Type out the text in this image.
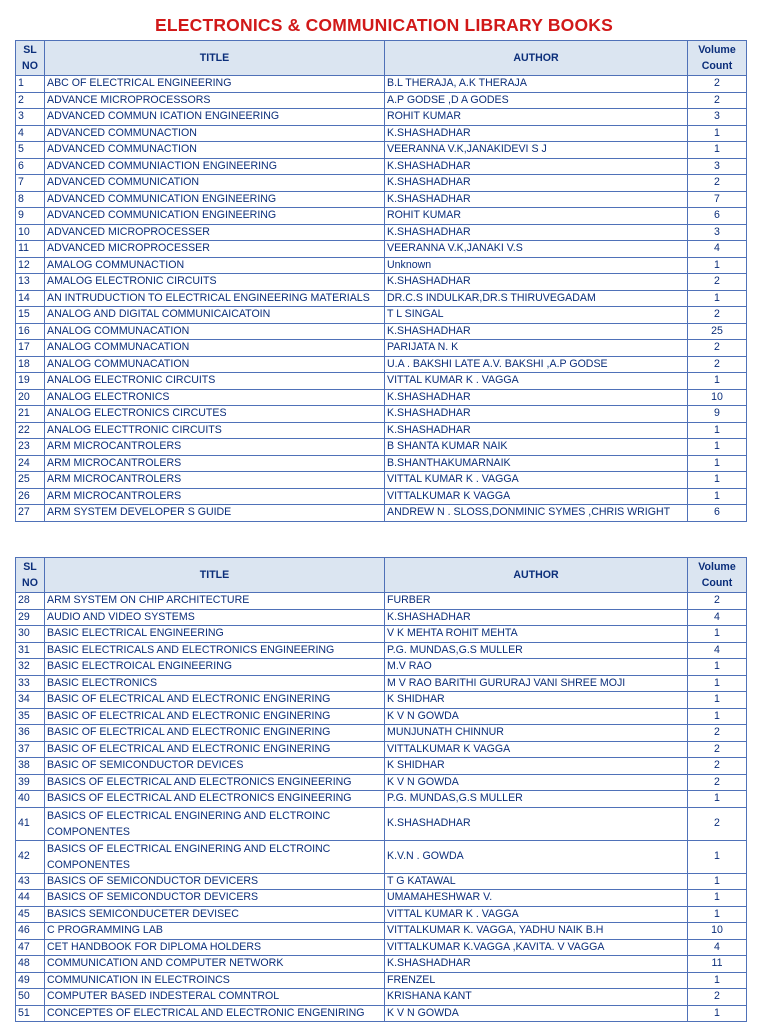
ELECTRONICS & COMMUNICATION LIBRARY BOOKS
SL NO	TITLE	AUTHOR	Volume Count
1	ABC OF ELECTRICAL ENGINEERING	B.L THERAJA, A.K THERAJA	2
2	ADVANCE MICROPROCESSORS	A.P GODSE ,D A GODES	2
3	ADVANCED COMMUN ICATION ENGINEERING	ROHIT KUMAR	3
4	ADVANCED COMMUNACTION	K.SHASHADHAR	1
5	ADVANCED COMMUNACTION	VEERANNA V.K,JANAKIDEVI S J	1
6	ADVANCED COMMUNIACTION ENGINEERING	K.SHASHADHAR	3
7	ADVANCED COMMUNICATION	K.SHASHADHAR	2
8	ADVANCED COMMUNICATION ENGINEERING	K.SHASHADHAR	7
9	ADVANCED COMMUNICATION ENGINEERING	ROHIT KUMAR	6
10	ADVANCED MICROPROCESSER	K.SHASHADHAR	3
11	ADVANCED MICROPROCESSER	VEERANNA V.K,JANAKI V.S	4
12	AMALOG COMMUNACTION	Unknown	1
13	AMALOG ELECTRONIC CIRCUITS	K.SHASHADHAR	2
14	AN INTRUDUCTION TO ELECTRICAL ENGINEERING MATERIALS	DR.C.S INDULKAR,DR.S THIRUVEGADAM	1
15	ANALOG AND DIGITAL COMMUNICAICATOIN	T L SINGAL	2
16	ANALOG COMMUNACATION	K.SHASHADHAR	25
17	ANALOG COMMUNACATION	PARIJATA N. K	2
18	ANALOG COMMUNACATION	U.A . BAKSHI LATE A.V. BAKSHI ,A.P GODSE	2
19	ANALOG ELECTRONIC CIRCUITS	VITTAL KUMAR K . VAGGA	1
20	ANALOG ELECTRONICS	K.SHASHADHAR	10
21	ANALOG ELECTRONICS CIRCUTES	K.SHASHADHAR	9
22	ANALOG ELECTTRONIC CIRCUITS	K.SHASHADHAR	1
23	ARM MICROCANTROLERS	B SHANTA KUMAR NAIK	1
24	ARM MICROCANTROLERS	B.SHANTHAKUMARNAIK	1
25	ARM MICROCANTROLERS	VITTAL KUMAR K . VAGGA	1
26	ARM MICROCANTROLERS	VITTALKUMAR K VAGGA	1
27	ARM SYSTEM DEVELOPER S GUIDE	ANDREW N . SLOSS,DONMINIC SYMES ,CHRIS WRIGHT	6
SL NO	TITLE	AUTHOR	Volume Count
28	ARM SYSTEM ON CHIP ARCHITECTURE	FURBER	2
29	AUDIO AND VIDEO SYSTEMS	K.SHASHADHAR	4
30	BASIC ELECTRICAL ENGINEERING	V K MEHTA ROHIT MEHTA	1
31	BASIC ELECTRICALS AND ELECTRONICS ENGINEERING	P.G. MUNDAS,G.S MULLER	4
32	BASIC ELECTROICAL ENGINEERING	M.V RAO	1
33	BASIC ELECTRONICS	M V RAO BARITHI GURURAJ VANI SHREE MOJI	1
34	BASIC OF ELECTRICAL AND ELECTRONIC ENGINERING	K SHIDHAR	1
35	BASIC OF ELECTRICAL AND ELECTRONIC ENGINERING	K V N GOWDA	1
36	BASIC OF ELECTRICAL AND ELECTRONIC ENGINERING	MUNJUNATH CHINNUR	2
37	BASIC OF ELECTRICAL AND ELECTRONIC ENGINERING	VITTALKUMAR K VAGGA	2
38	BASIC OF SEMICONDUCTOR DEVICES	K SHIDHAR	2
39	BASICS OF ELECTRICAL AND ELECTRONICS ENGINEERING	K V N GOWDA	2
40	BASICS OF ELECTRICAL AND ELECTRONICS ENGINEERING	P.G. MUNDAS,G.S MULLER	1
41	BASICS OF ELECTRICAL ENGINERING AND ELCTROINC COMPONENTES	K.SHASHADHAR	2
42	BASICS OF ELECTRICAL ENGINERING AND ELCTROINC COMPONENTES	K.V.N . GOWDA	1
43	BASICS OF SEMICONDUCTOR DEVICERS	T G KATAWAL	1
44	BASICS OF SEMICONDUCTOR DEVICERS	UMAMAHESHWAR V.	1
45	BASICS SEMICONDUCETER DEVISEC	VITTAL KUMAR K . VAGGA	1
46	C PROGRAMMING LAB	VITTALKUMAR K. VAGGA, YADHU NAIK B.H	10
47	CET HANDBOOK FOR DIPLOMA HOLDERS	VITTALKUMAR K.VAGGA ,KAVITA. V VAGGA	4
48	COMMUNICATION AND COMPUTER NETWORK	K.SHASHADHAR	11
49	COMMUNICATION IN ELECTROINCS	FRENZEL	1
50	COMPUTER BASED INDESTERAL COMNTROL	KRISHANA KANT	2
51	CONCEPTES OF ELECTRICAL AND ELECTRONIC ENGENIRING	K V N GOWDA	1
